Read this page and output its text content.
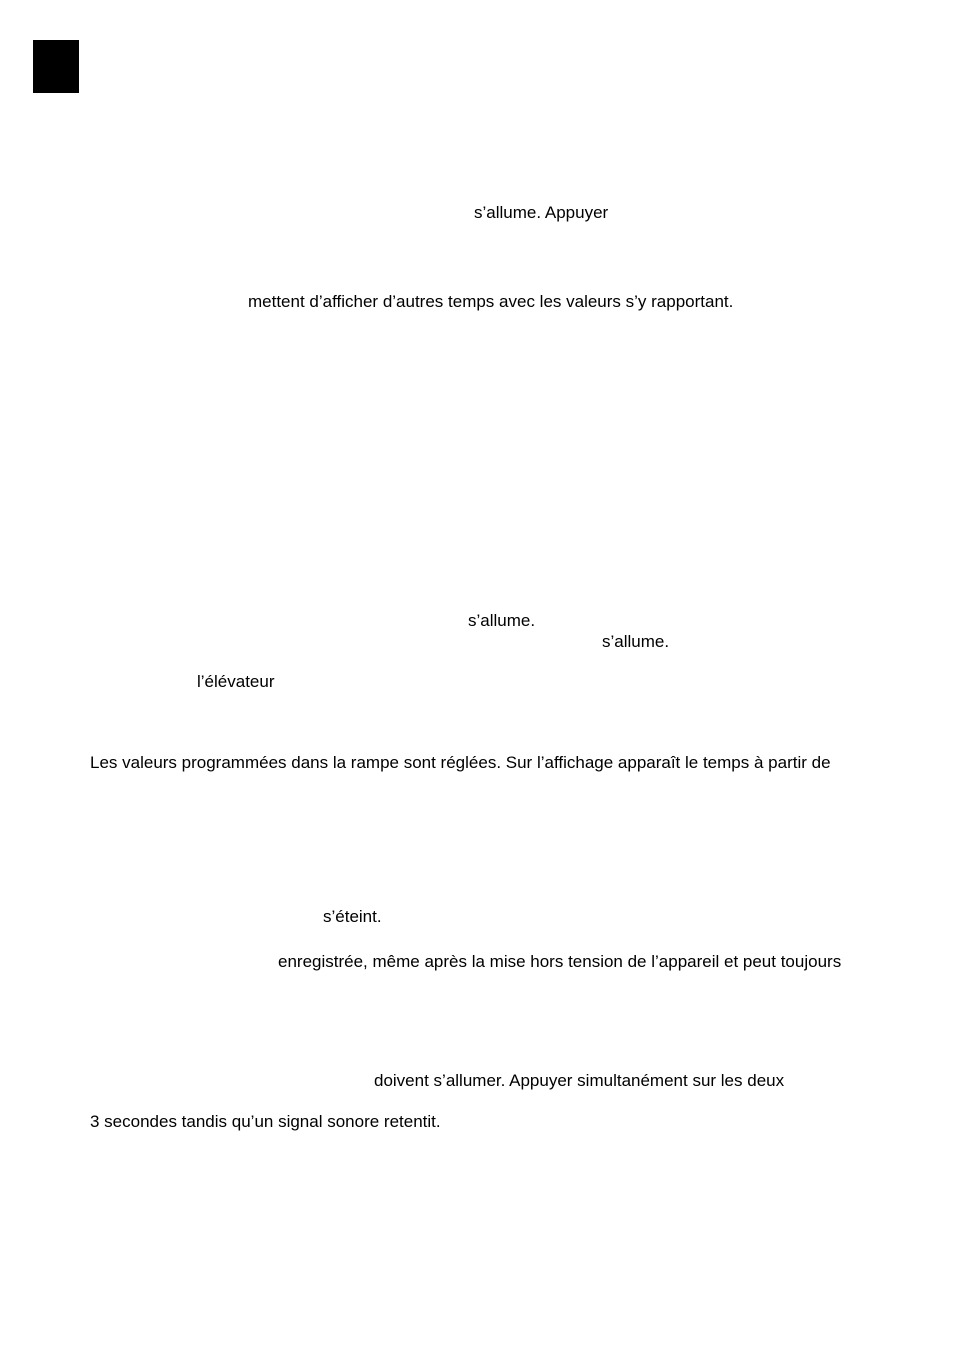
s’allume. Appuyer
mettent d’afficher d’autres temps avec les valeurs s’y rapportant.
s’allume.
s’allume.
l’élévateur
Les valeurs programmées dans la rampe sont réglées. Sur l’affichage apparaît le temps à partir de
s’éteint.
enregistrée, même après la mise hors tension de l’appareil et peut toujours
doivent s’allumer. Appuyer simultanément sur les deux
3 secondes tandis qu’un signal sonore retentit.
